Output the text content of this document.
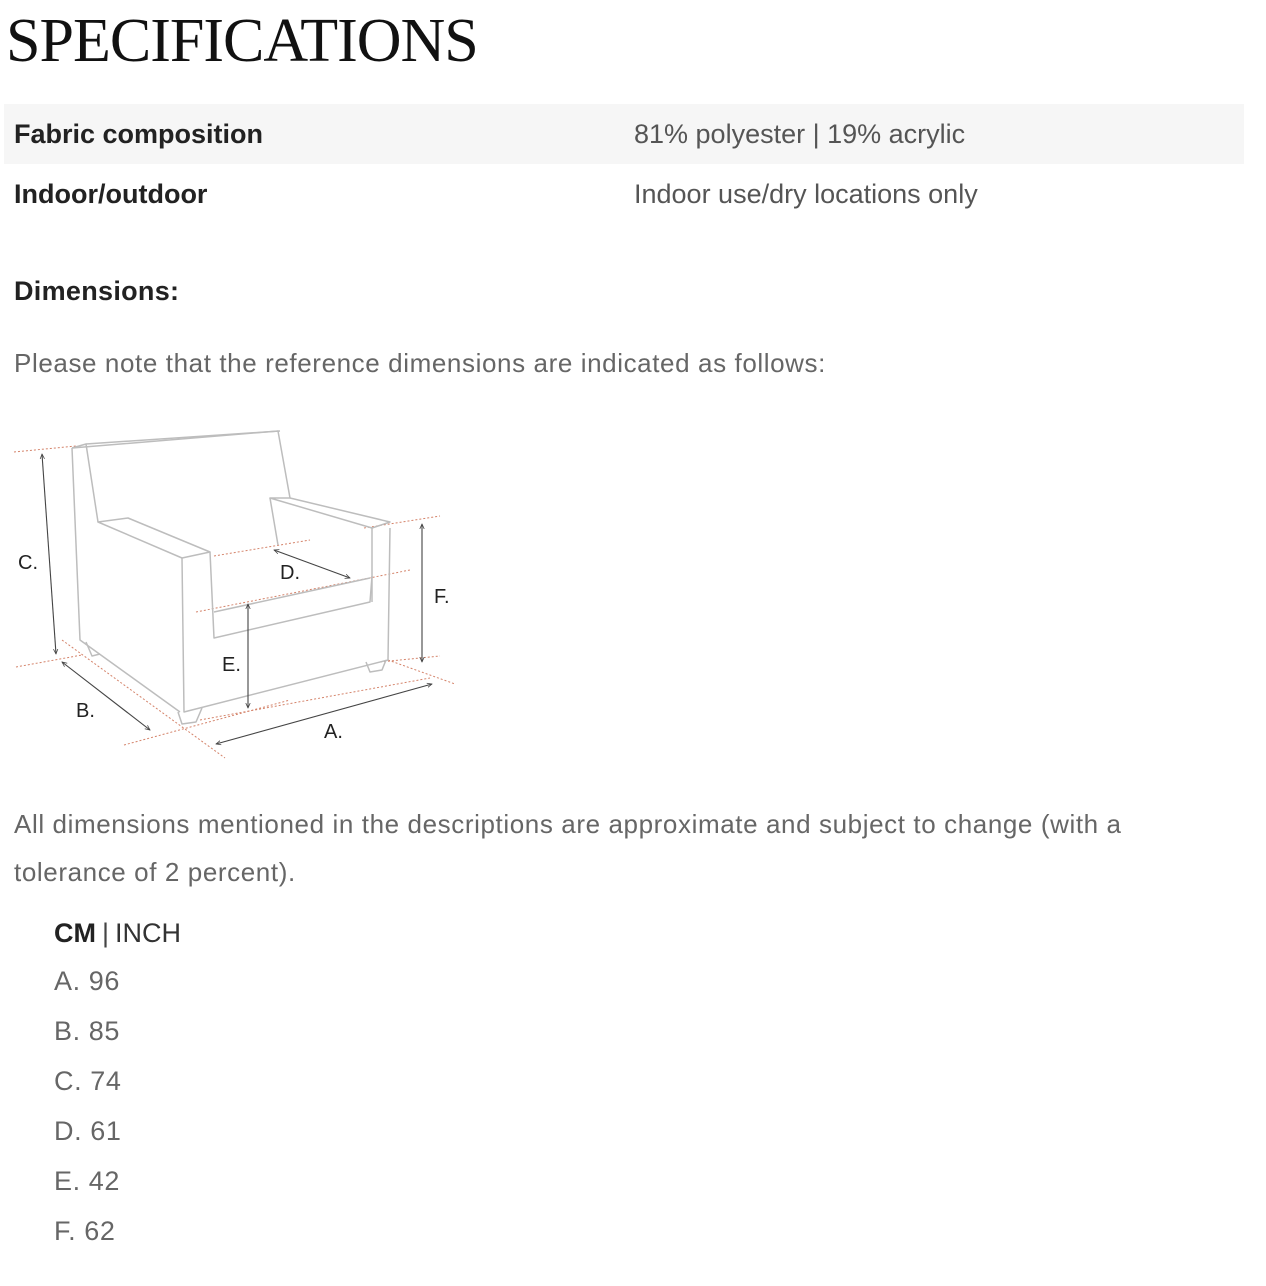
SPECIFICATIONS
Fabric composition	81% polyester | 19% acrylic
Indoor/outdoor	Indoor use/dry locations only
Dimensions:
Please note that the reference dimensions are indicated as follows:
C.
B.
A.
D.
E.
F.

All dimensions mentioned in the descriptions are approximate and subject to change (with a tolerance of 2 percent).

CM | INCH
A. 96
B. 85
C. 74
D. 61
E. 42
F. 62
